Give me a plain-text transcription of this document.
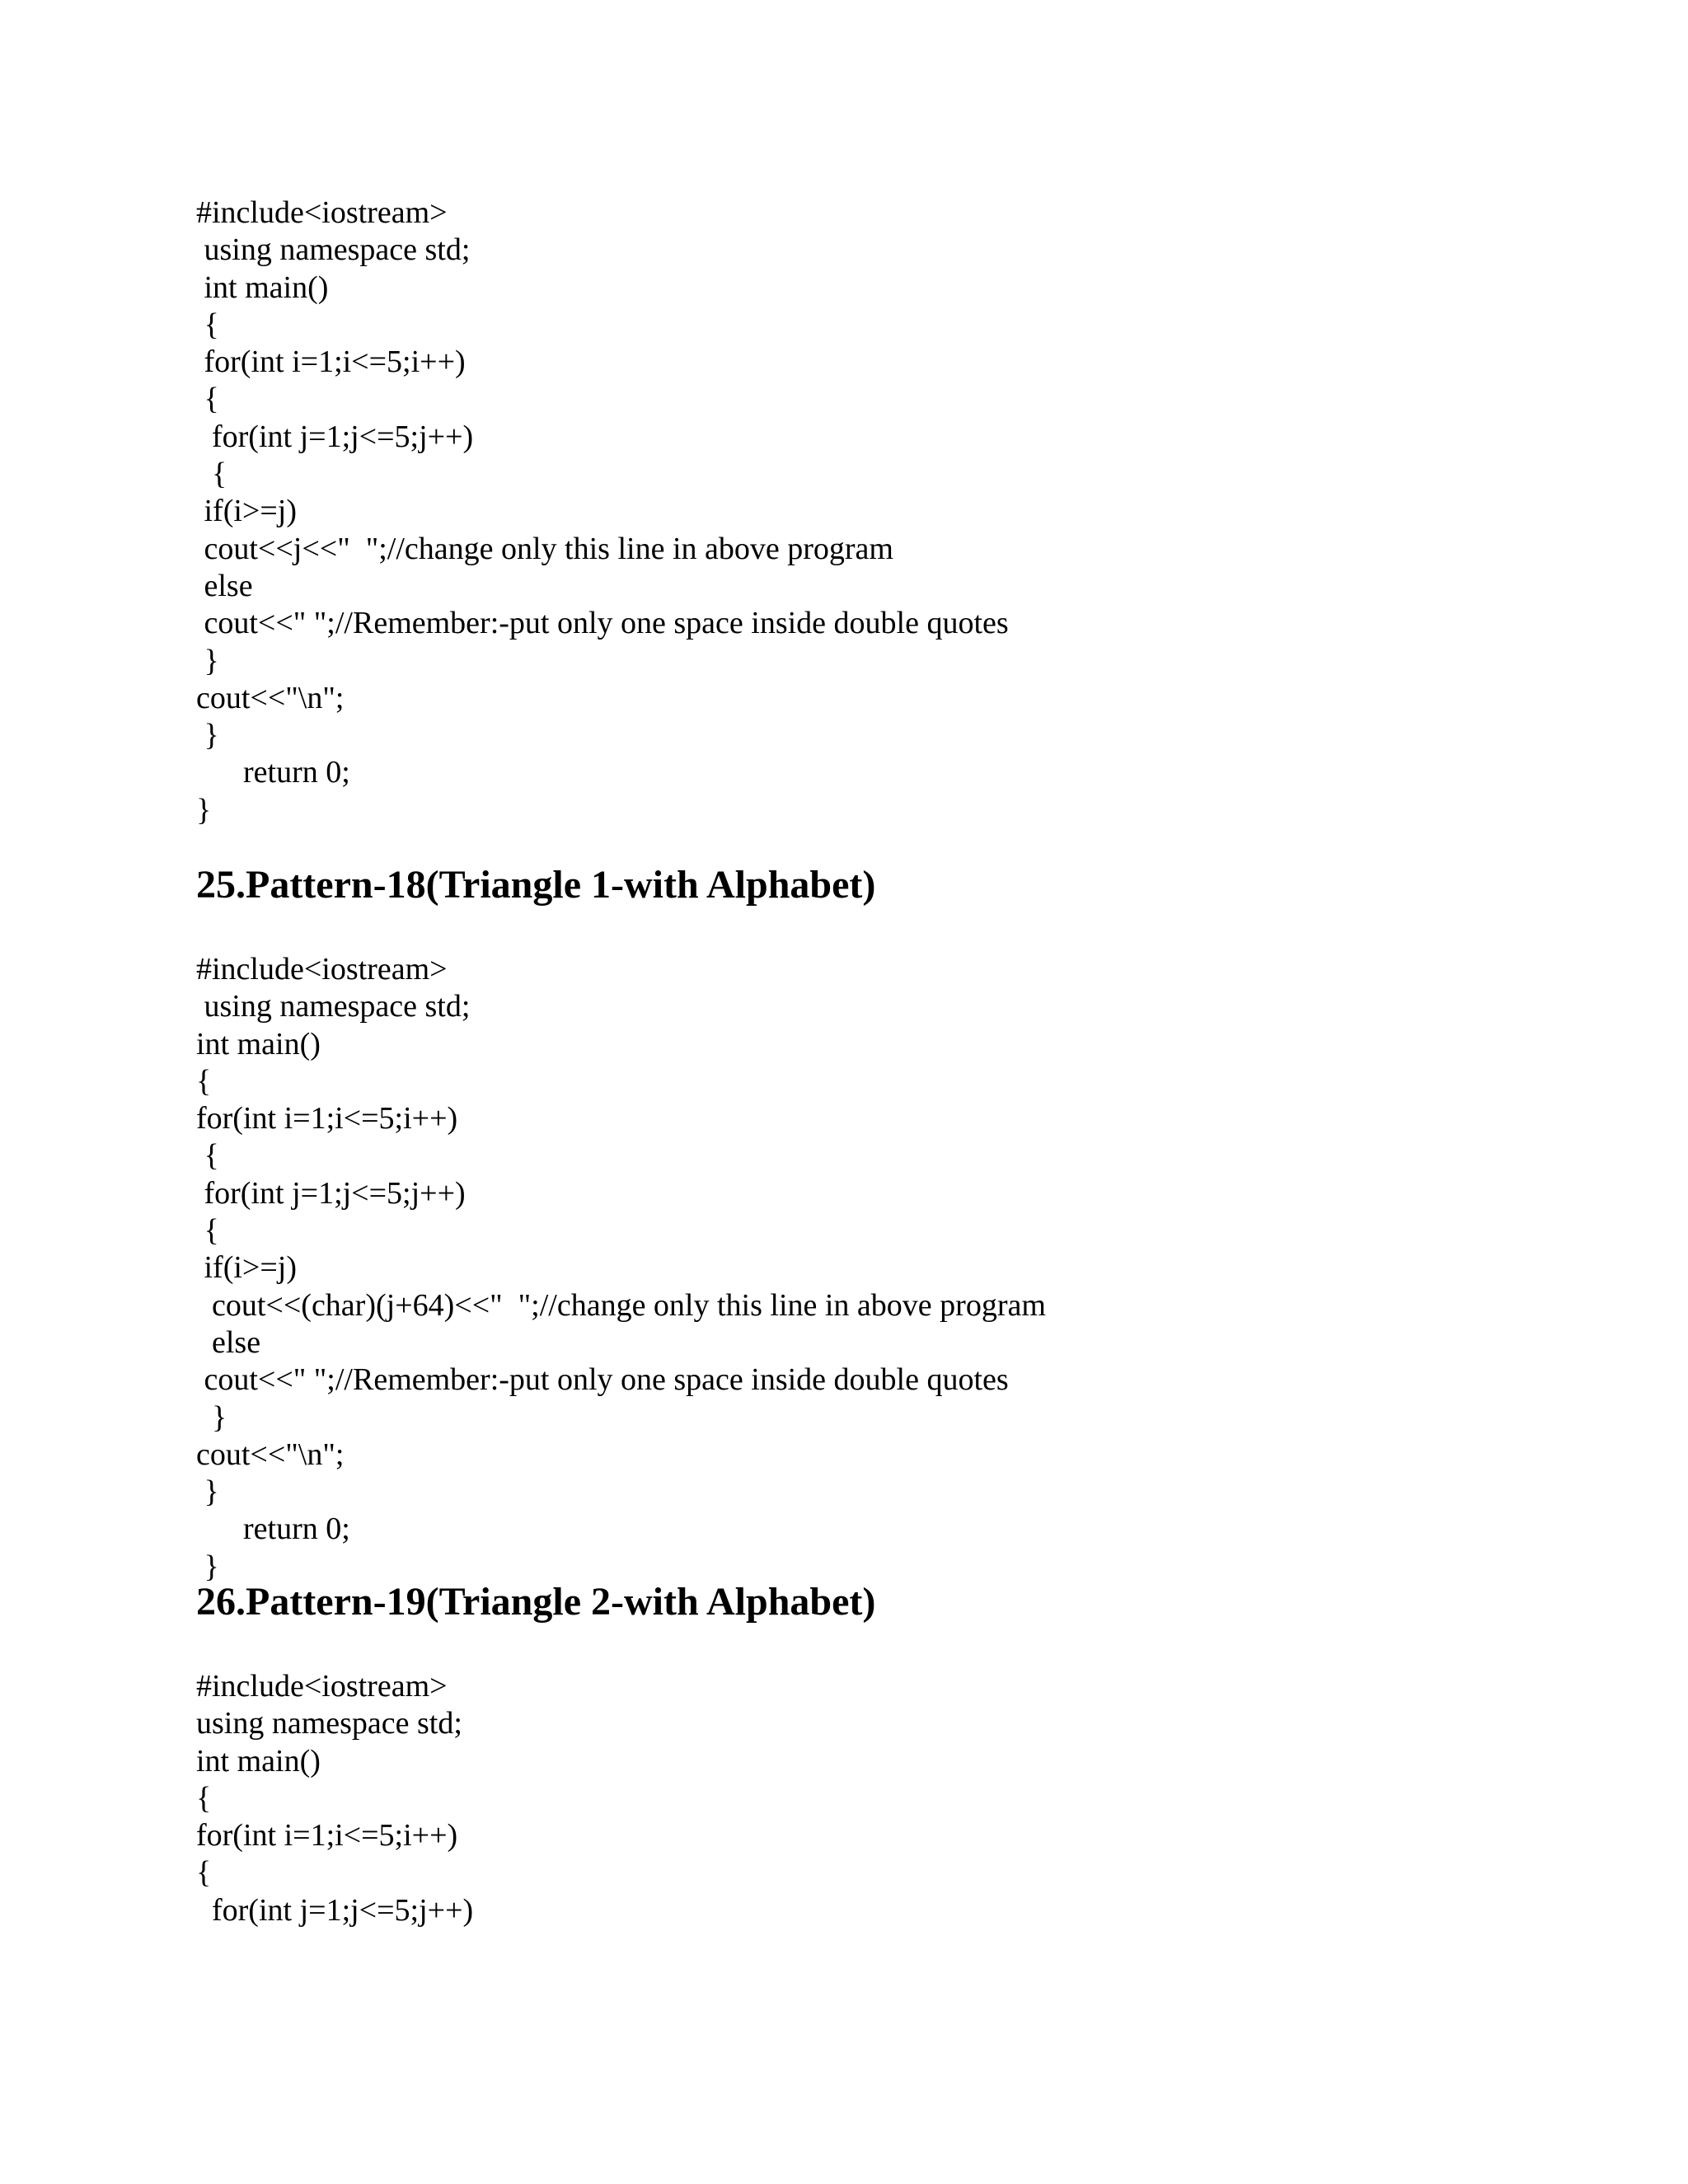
#include<iostream>
using namespace std;
int main()
{
for(int i=1;i<=5;i++)
{
for(int j=1;j<=5;j++)
{
if(i>=j)
cout<<j<<"  ";//change only this line in above program
else
cout<<" ";//Remember:-put only one space inside double quotes
}
cout<<"\n";
}
return 0;
}
25.Pattern-18(Triangle 1-with Alphabet)
#include<iostream>
using namespace std;
int main()
{
for(int i=1;i<=5;i++)
{
for(int j=1;j<=5;j++)
{
if(i>=j)
cout<<(char)(j+64)<<"  ";//change only this line in above program
else
cout<<" ";//Remember:-put only one space inside double quotes
}
cout<<"\n";
}
return 0;
}
26.Pattern-19(Triangle 2-with Alphabet)
#include<iostream>
using namespace std;
int main()
{
for(int i=1;i<=5;i++)
{
for(int j=1;j<=5;j++)
